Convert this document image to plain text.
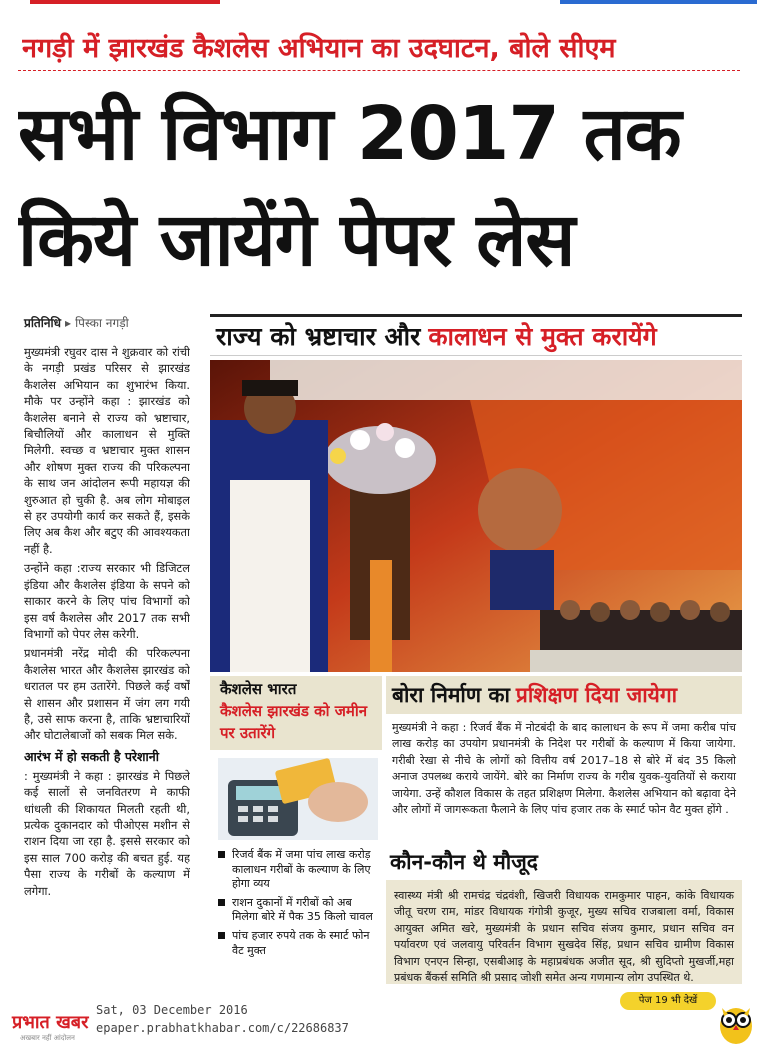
नगड़ी में झारखंड कैशलेस अभियान का उदघाटन, बोले सीएम
सभी विभाग 2017 तक
किये जायेंगे पेपर लेस
प्रतिनिधि ▸ पिस्का नगड़ी

मुख्यमंत्री रघुवर दास ने शुक्रवार को रांची के नगड़ी प्रखंड परिसर से झारखंड कैशलेस अभियान का शुभारंभ किया. मौके पर उन्होंने कहा : झारखंड को कैशलेस बनाने से राज्य को भ्रष्टाचार, बिचौलियों और कालाधन से मुक्ति मिलेगी. स्वच्छ व भ्रष्टाचार मुक्त शासन और शोषण मुक्त राज्य की परिकल्पना के साथ जन आंदोलन रूपी महायज्ञ की शुरुआत हो चुकी है. अब लोग मोबाइल से हर उपयोगी कार्य कर सकते हैं, इसके लिए अब कैश और बटुए की आवश्यकता नहीं है.

उन्होंने कहा :राज्य सरकार भी डिजिटल इंडिया और कैशलेस इंडिया के सपने को साकार करने के लिए पांच विभागों को इस वर्ष कैशलेस और 2017 तक सभी विभागों को पेपर लेस करेगी.

प्रधानमंत्री नरेंद्र मोदी की परिकल्पना कैशलेस भारत और कैशलेस झारखंड को धरातल पर हम उतारेंगे. पिछले कई वर्षों से शासन और प्रशासन में जंग लग गयी है, उसे साफ करना है, ताकि भ्रष्टाचारियों और घोटालेबाजों को सबक मिल सके.

आरंभ में हो सकती है परेशानी

: मुख्यमंत्री ने कहा : झारखंड मे पिछले कई सालों से जनवितरण मे काफी धांधली की शिकायत मिलती रहती थी, प्रत्येक दुकानदार को पीओएस मशीन से राशन दिया जा रहा है. इससे सरकार को इस साल 700 करोड़ की बचत हुई. यह पैसा राज्य के गरीबों के कल्याण में लगेगा.

राज्य को भ्रष्टाचार और कालाधन से मुक्त करायेंगे
कैशलेस भारत
कैशलेस झारखंड को जमीन पर उतारेंगे
रिजर्व बैंक में जमा पांच लाख करोड़ कालाधन गरीबों के कल्याण के लिए होगा व्यय
राशन दुकानों में गरीबों को अब मिलेगा बोरे में पैक 35 किलो चावल
पांच हजार रुपये तक के स्मार्ट फोन वैट मुक्त
बोरा निर्माण का प्रशिक्षण दिया जायेगा
मुख्यमंत्री ने कहा : रिजर्व बैंक में नोटबंदी के बाद कालाधन के रूप में जमा करीब पांच लाख करोड़ का उपयोग प्रधानमंत्री के निदेश पर गरीबों के कल्याण में किया जायेगा. गरीबी रेखा से नीचे के लोगों को वित्तीय वर्ष 2017–18 से बोरे में बंद 35 किलो अनाज उपलब्ध कराये जायेंगे. बोरे का निर्माण राज्य के गरीब युवक-युवतियों से कराया जायेगा. उन्हें कौशल विकास के तहत प्रशिक्षण मिलेगा. कैशलेस अभियान को बढ़ावा देने और लोगों में जागरूकता फैलाने के लिए पांच हजार तक के स्मार्ट फोन वैट मुक्त होंगे .
कौन-कौन थे मौजूद
स्वास्थ्य मंत्री श्री रामचंद्र चंद्रवंशी, खिजरी विधायक रामकुमार पाहन, कांके विधायक जीतू चरण राम, मांडर विधायक गंगोत्री कुजूर, मुख्य सचिव राजबाला वर्मा, विकास आयुक्त अमित खरे, मुख्यमंत्री के प्रधान सचिव संजय कुमार, प्रधान सचिव वन पर्यावरण एवं जलवायु परिवर्तन विभाग सुखदेव सिंह, प्रधान सचिव ग्रामीण विकास विभाग एनएन सिन्हा, एसबीआइ के महाप्रबंधक अजीत सूद, श्री सुदिप्तो मुखर्जी,महा प्रबंधक बैंकर्स समिति श्री प्रसाद जोशी समेत अन्य गणमान्य लोग उपस्थित थे.
प्रभात खबर
अखबार नहीं आंदोलन
Sat, 03 December 2016
epaper.prabhatkhabar.com/c/22686837
पेज 19 भी देखें
